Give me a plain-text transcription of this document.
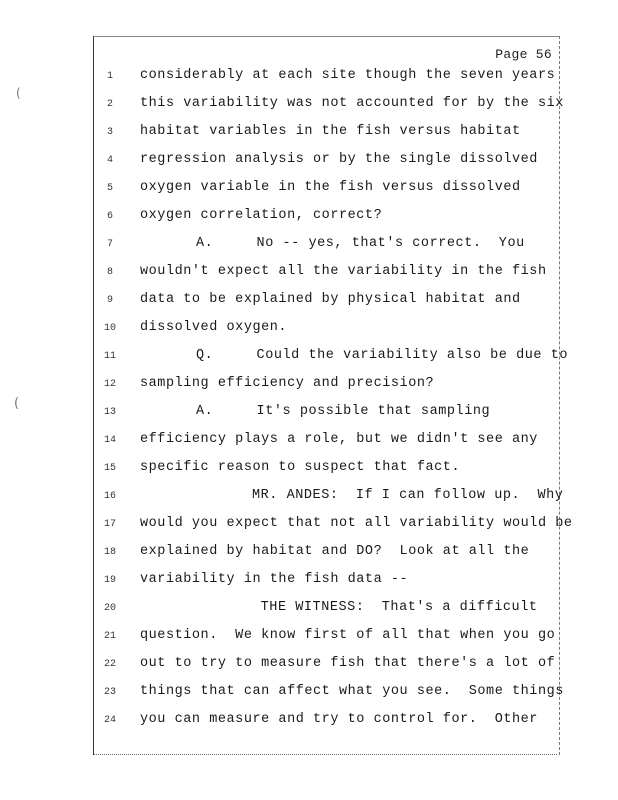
Page 56
1	considerably at each site though the seven years
2	this variability was not accounted for by the six
3	habitat variables in the fish versus habitat
4	regression analysis or by the single dissolved
5	oxygen variable in the fish versus dissolved
6	oxygen correlation, correct?
7	A.     No -- yes, that's correct.  You
8	wouldn't expect all the variability in the fish
9	data to be explained by physical habitat and
10 dissolved oxygen.
11	Q.     Could the variability also be due to
12 sampling efficiency and precision?
13	A.     It's possible that sampling
14 efficiency plays a role, but we didn't see any
15 specific reason to suspect that fact.
16	MR. ANDES:  If I can follow up.  Why
17 would you expect that not all variability would be
18 explained by habitat and DO?  Look at all the
19 variability in the fish data --
20	THE WITNESS:  That's a difficult
21 question.  We know first of all that when you go
22 out to try to measure fish that there's a lot of
23 things that can affect what you see.  Some things
24 you can measure and try to control for.  Other
(
(
